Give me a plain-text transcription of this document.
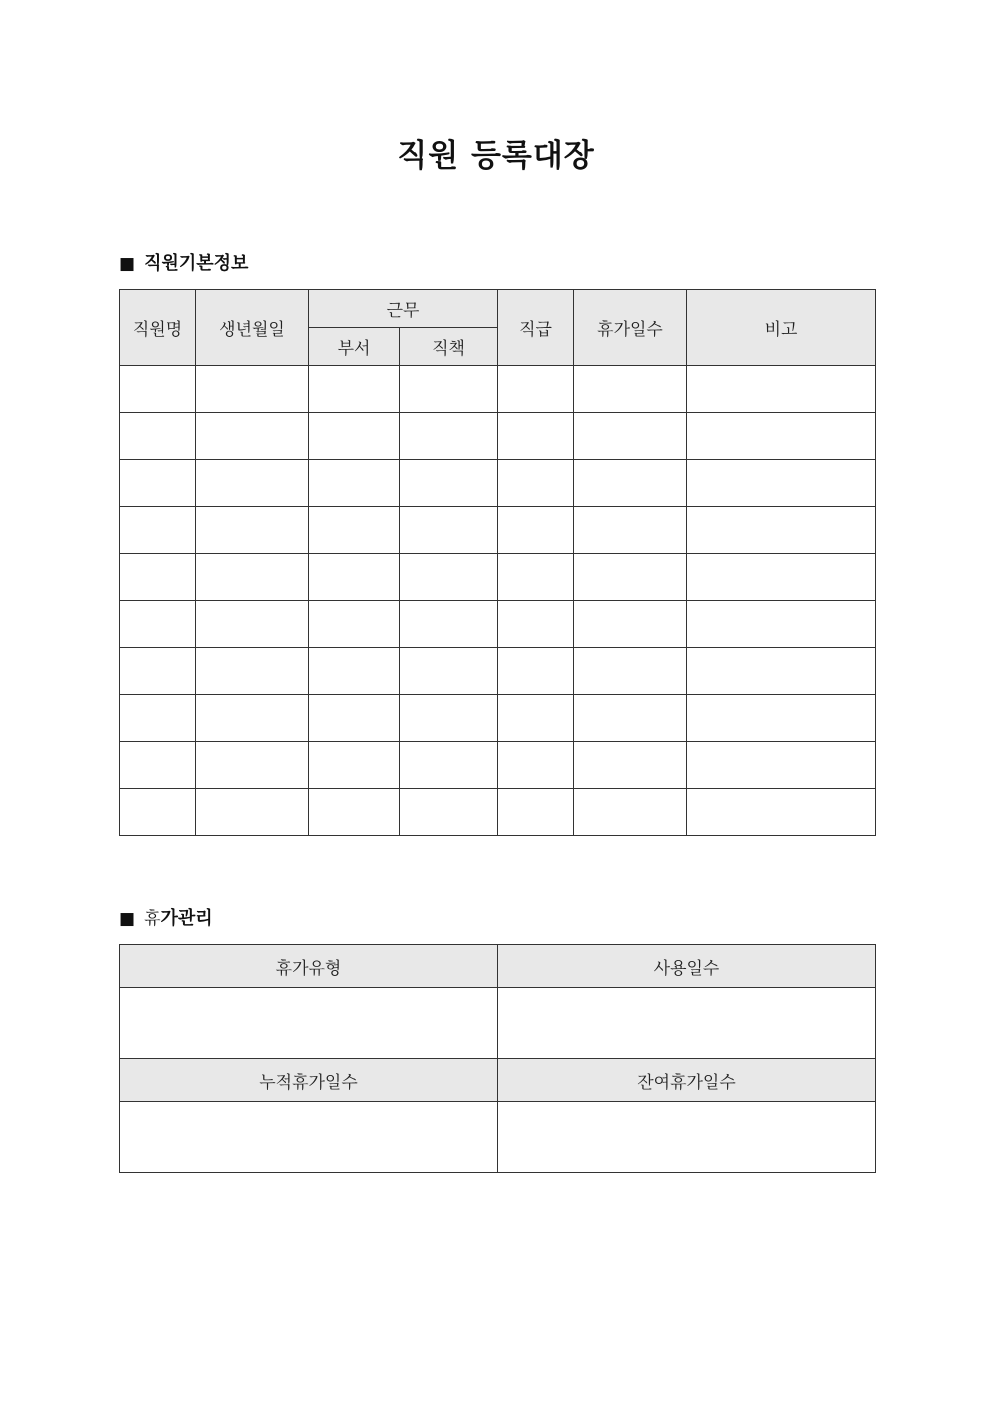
직원 등록대장
■ 직원기본정보
직원명	생년월일	근무		직급	휴가일수	비고
		부서	직책			

■ 휴가관리
휴가유형	사용일수

누적휴가일수	잔여휴가일수
